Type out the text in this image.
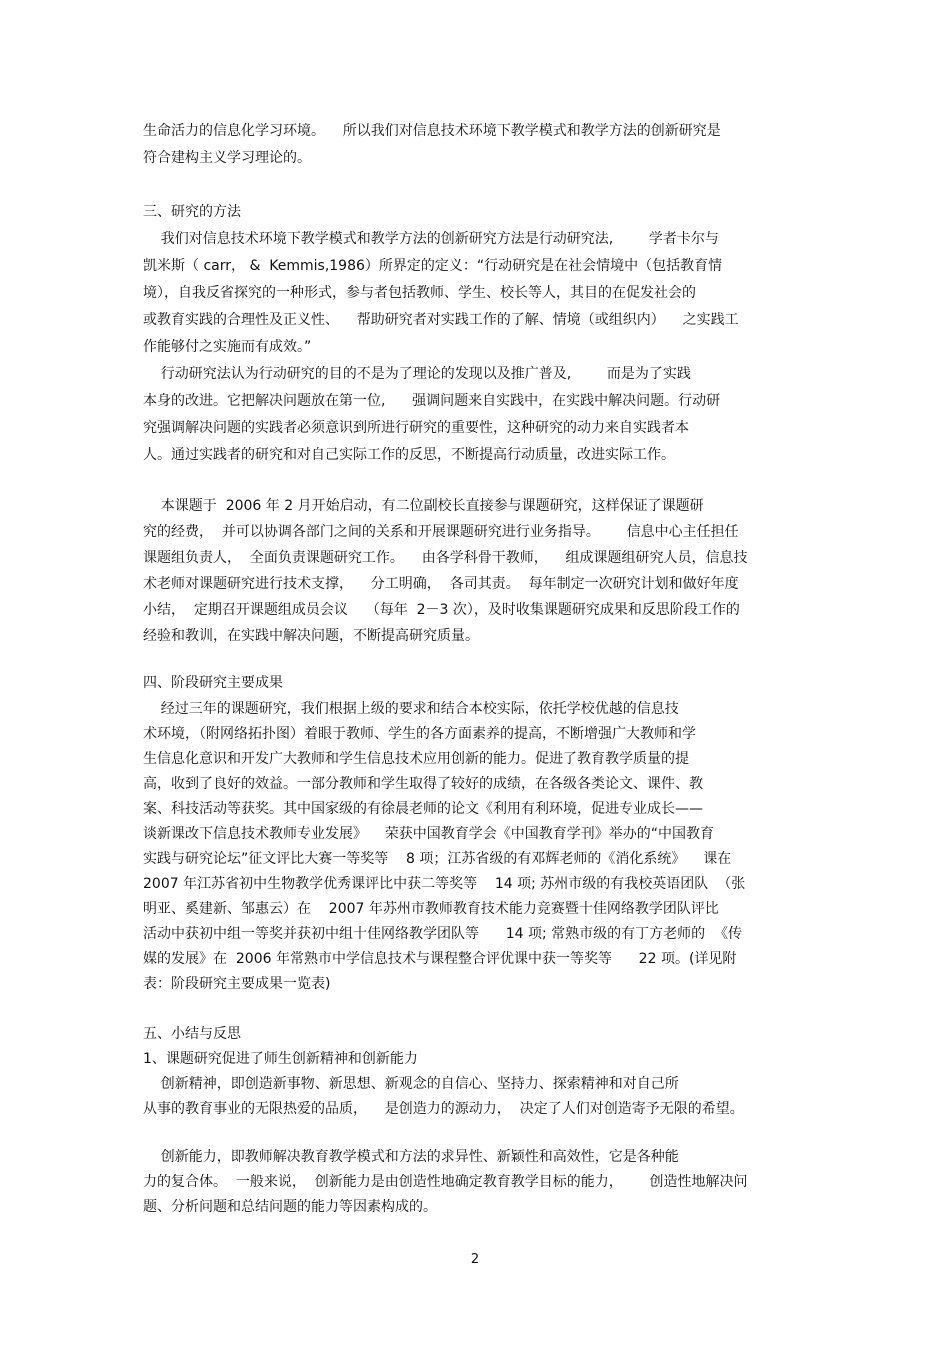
生命活力的信息化学习环境。    所以我们对信息技术环境下教学模式和教学方法的创新研究是

符合建构主义学习理论的。

三、研究的方法

我们对信息技术环境下教学模式和教学方法的创新研究方法是行动研究法,        学者卡尔与

凯米斯（ carr， &  Kemmis,1986）所界定的定义：“行动研究是在社会情境中（包括教育情

境），自我反省探究的一种形式，参与者包括教师、学生、校长等人，其目的在促发社会的

或教育实践的合理性及正义性、    帮助研究者对实践工作的了解、情境（或组织内）    之实践工

作能够付之实施而有成效。”

行动研究法认为行动研究的目的不是为了理论的发现以及推广普及,        而是为了实践

本身的改进。它把解决问题放在第一位,      强调问题来自实践中，在实践中解决问题。行动研

究强调解决问题的实践者必须意识到所进行研究的重要性，这种研究的动力来自实践者本

人。通过实践者的研究和对自己实际工作的反思，不断提高行动质量，改进实际工作。

本课题于  2006 年 2 月开始启动，有二位副校长直接参与课题研究，这样保证了课题研

究的经费，  并可以协调各部门之间的关系和开展课题研究进行业务指导。      信息中心主任担任

课题组负责人，  全面负责课题研究工作。    由各学科骨干教师，    组成课题组研究人员，信息技

术老师对课题研究进行技术支撑，    分工明确，  各司其责。  每年制定一次研究计划和做好年度

小结，  定期召开课题组成员会议    （每年  2－3 次），及时收集课题研究成果和反思阶段工作的

经验和教训，在实践中解决问题，不断提高研究质量。

四、阶段研究主要成果

经过三年的课题研究，我们根据上级的要求和结合本校实际，依托学校优越的信息技

术环境，（附网络拓扑图）着眼于教师、学生的各方面素养的提高，不断增强广大教师和学

生信息化意识和开发广大教师和学生信息技术应用创新的能力。促进了教育教学质量的提

高，收到了良好的效益。一部分教师和学生取得了较好的成绩，在各级各类论文、课件、教

案、科技活动等获奖。其中国家级的有徐晨老师的论文《利用有利环境，促进专业成长——

谈新课改下信息技术教师专业发展》    荣获中国教育学会《中国教育学刊》举办的“中国教育

实践与研究论坛”征文评比大赛一等奖等    8 项；江苏省级的有邓辉老师的《消化系统》    课在

2007 年江苏省初中生物教学优秀课评比中获二等奖等    14 项; 苏州市级的有我校英语团队  （张

明亚、奚建新、邹惠云）在    2007 年苏州市教师教育技术能力竞赛暨十佳网络教学团队评比

活动中获初中组一等奖并获初中组十佳网络教学团队等      14 项; 常熟市级的有丁方老师的  《传

媒的发展》在  2006 年常熟市中学信息技术与课程整合评优课中获一等奖等      22 项。(详见附

表：阶段研究主要成果一览表)

五、小结与反思

1、课题研究促进了师生创新精神和创新能力

创新精神，即创造新事物、新思想、新观念的自信心、坚持力、探索精神和对自己所

从事的教育事业的无限热爱的品质，    是创造力的源动力，  决定了人们对创造寄予无限的希望。

创新能力，即教师解决教育教学模式和方法的求异性、新颖性和高效性，它是各种能

力的复合体。  一般来说，  创新能力是由创造性地确定教育教学目标的能力，      创造性地解决问

题、分析问题和总结问题的能力等因素构成的。

2
